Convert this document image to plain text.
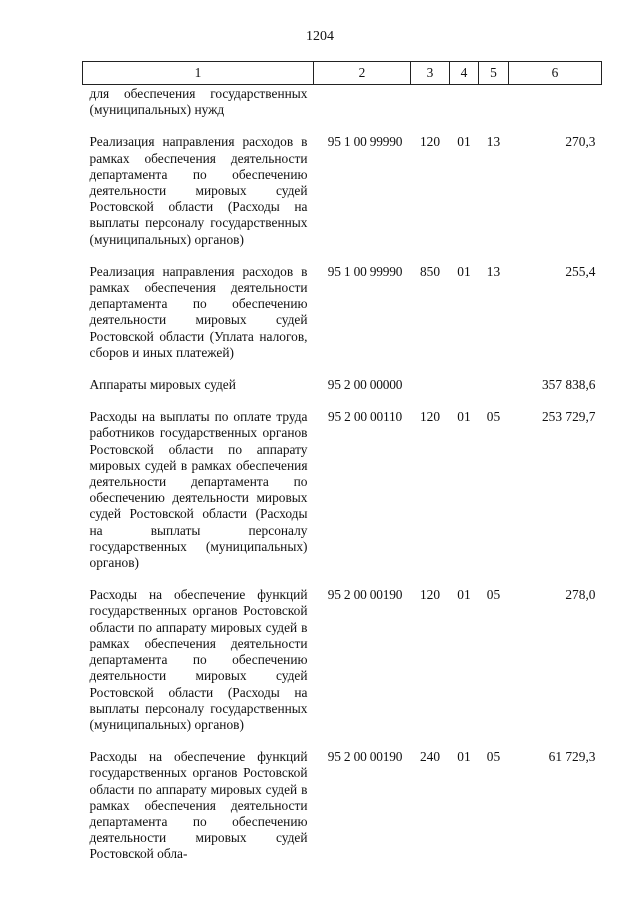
1204
1	2	3	4	5	6
для обеспечения государственных (муниципальных) нужд					
Реализация направления расходов в рамках обеспечения деятельности департамента по обеспечению деятельности мировых судей Ростовской области (Расходы на выплаты персоналу государственных (муниципальных) органов)	95 1 00 99990	120	01	13	270,3
Реализация направления расходов в рамках обеспечения деятельности департамента по обеспечению деятельности мировых судей Ростовской области (Уплата налогов, сборов и иных платежей)	95 1 00 99990	850	01	13	255,4
Аппараты мировых судей	95 2 00 00000				357 838,6
Расходы на выплаты по оплате труда работников государственных органов Ростовской области по аппарату мировых судей в рамках обеспечения деятельности департамента по обеспечению деятельности мировых судей Ростовской области (Расходы на выплаты персоналу государственных (муниципальных) органов)	95 2 00 00110	120	01	05	253 729,7
Расходы на обеспечение функций государственных органов Ростовской области по аппарату мировых судей в рамках обеспечения деятельности департамента по обеспечению деятельности мировых судей Ростовской области (Расходы на выплаты персоналу государственных (муниципальных) органов)	95 2 00 00190	120	01	05	278,0
Расходы на обеспечение функций государственных органов Ростовской области по аппарату мировых судей в рамках обеспечения деятельности департамента по обеспечению деятельности мировых судей Ростовской обла-	95 2 00 00190	240	01	05	61 729,3
